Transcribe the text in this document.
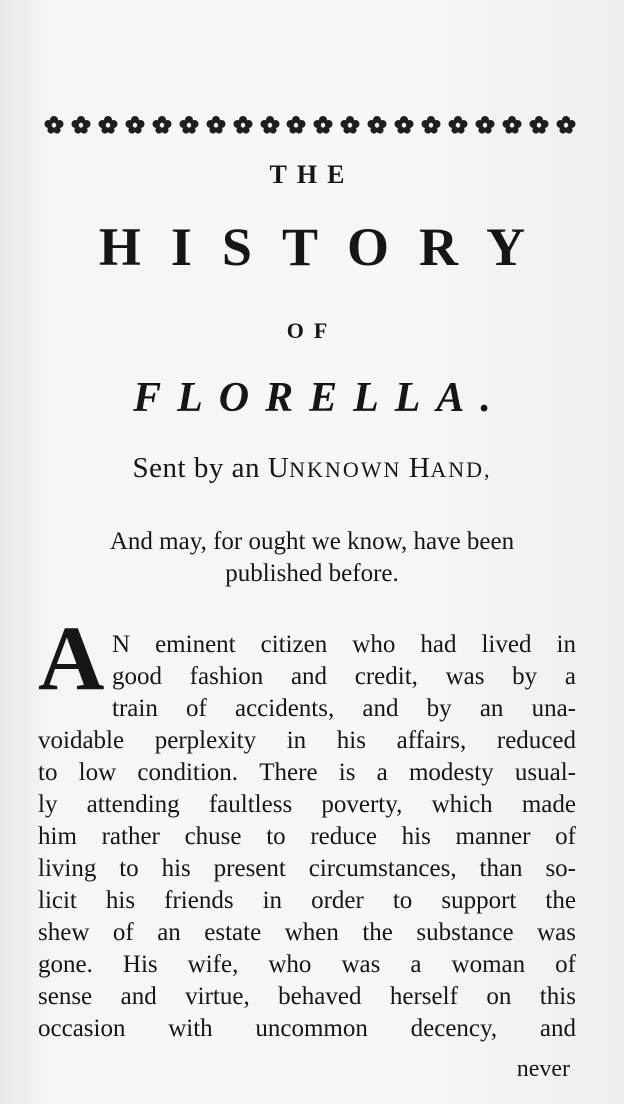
THE
HISTORY
OF
FLORELLA.
Sent by an UNKNOWN HAND,
And may, for ought we know, have been
published before.
A N eminent citizen who had lived in
good fashion and credit, was by a
train of accidents, and by an una-
voidable perplexity in his affairs, reduced
to low condition. There is a modesty usual-
ly attending faultless poverty, which made
him rather chuse to reduce his manner of
living to his present circumstances, than so-
licit his friends in order to support the
shew of an estate when the substance was
gone. His wife, who was a woman of
sense and virtue, behaved herself on this
occasion with uncommon decency, and
never
